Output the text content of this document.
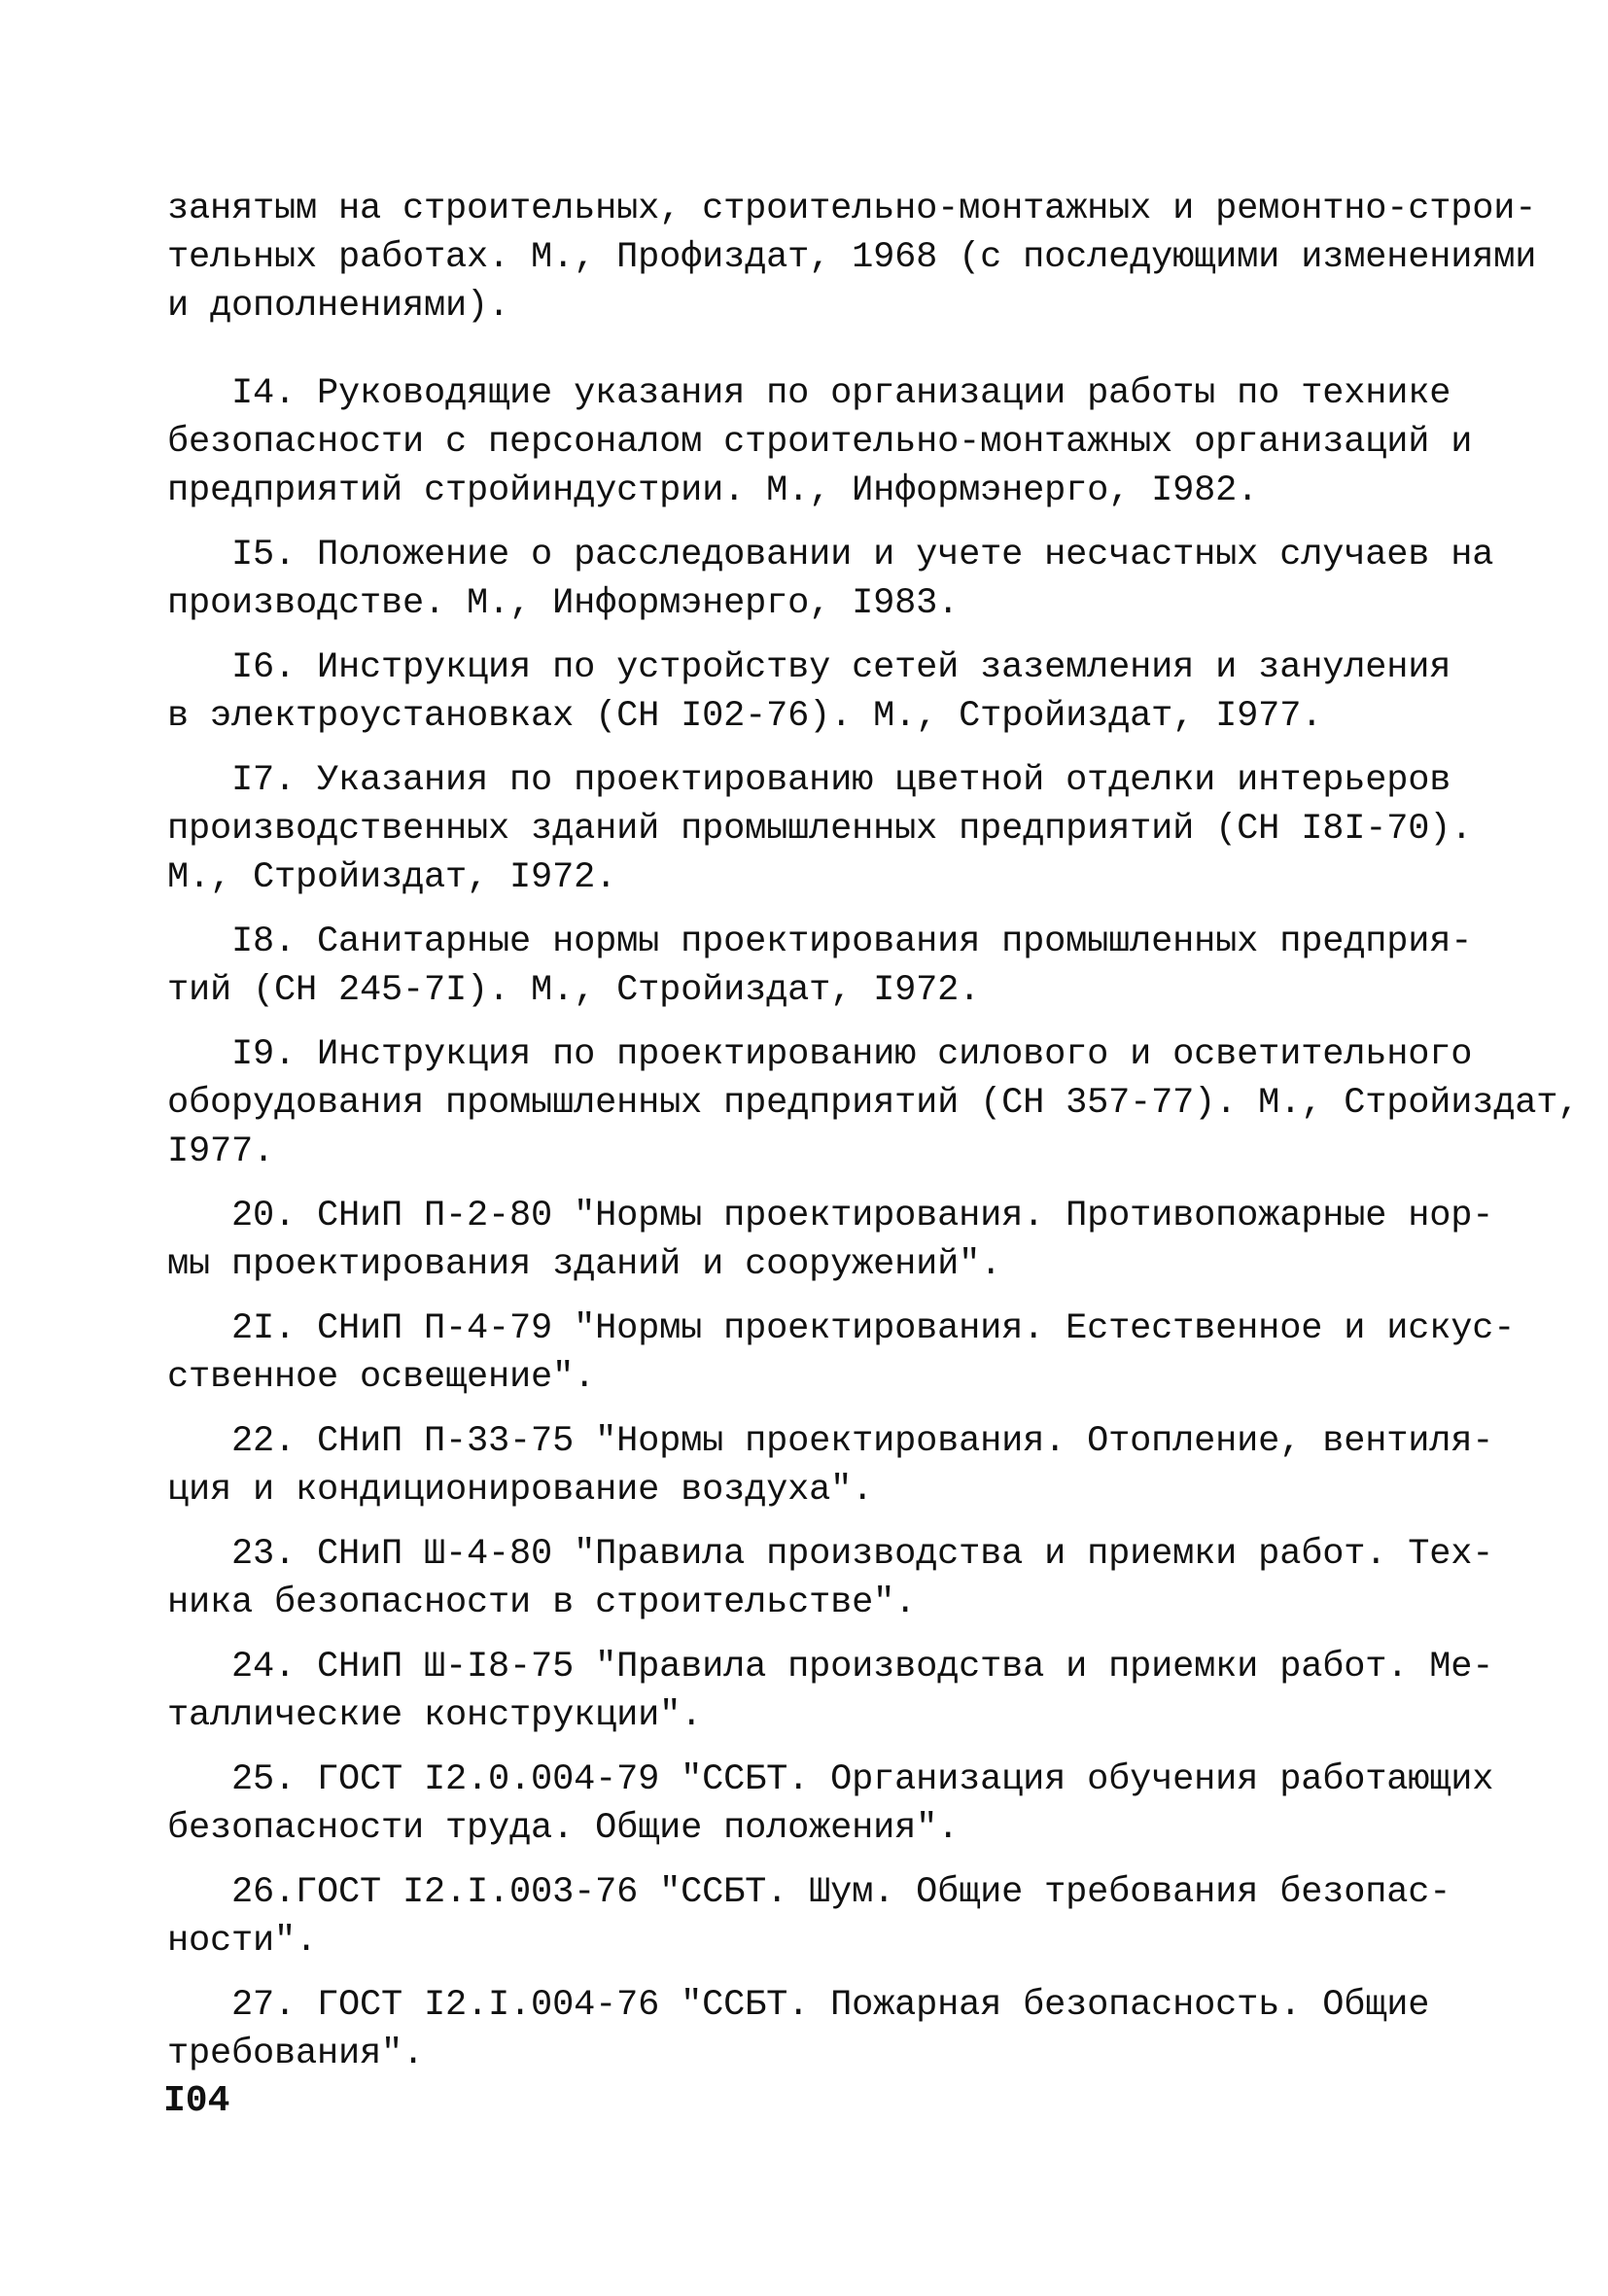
занятым на строительных, строительно-монтажных и ремонтно-строи-
тельных работах. М., Профиздат, 1968 (с последующими изменениями
и дополнениями).
I4. Руководящие указания по организации работы по технике
безопасности с персоналом строительно-монтажных организаций и
предприятий стройиндустрии. М., Информэнерго, I982.
I5. Положение о расследовании и учете несчастных случаев на
производстве. М., Информэнерго, I983.
I6. Инструкция по устройству сетей заземления и зануления
в электроустановках (СН I02-76). М., Стройиздат, I977.
I7. Указания по проектированию цветной отделки интерьеров
производственных зданий промышленных предприятий (СН I8I-70).
М., Стройиздат, I972.
I8. Санитарные нормы проектирования промышленных предприя-
тий (СН 245-7I). М., Стройиздат, I972.
I9. Инструкция по проектированию силового и осветительного
оборудования промышленных предприятий (СН 357-77). М., Стройиздат,
I977.
20. СНиП П-2-80 "Нормы проектирования. Противопожарные нор-
мы проектирования зданий и сооружений".
2I. СНиП П-4-79 "Нормы проектирования. Естественное и искус-
ственное освещение".
22. СНиП П-33-75 "Нормы проектирования. Отопление, вентиля-
ция и кондиционирование воздуха".
23. СНиП Ш-4-80 "Правила производства и приемки работ. Тех-
ника безопасности в строительстве".
24. СНиП Ш-I8-75 "Правила производства и приемки работ. Ме-
таллические конструкции".
25. ГОСТ I2.0.004-79 "ССБТ. Организация обучения работающих
безопасности труда. Общие положения".
26.ГОСТ I2.I.003-76 "ССБТ. Шум. Общие требования безопас-
ности".
27. ГОСТ I2.I.004-76 "ССБТ. Пожарная безопасность. Общие
требования".
I04
